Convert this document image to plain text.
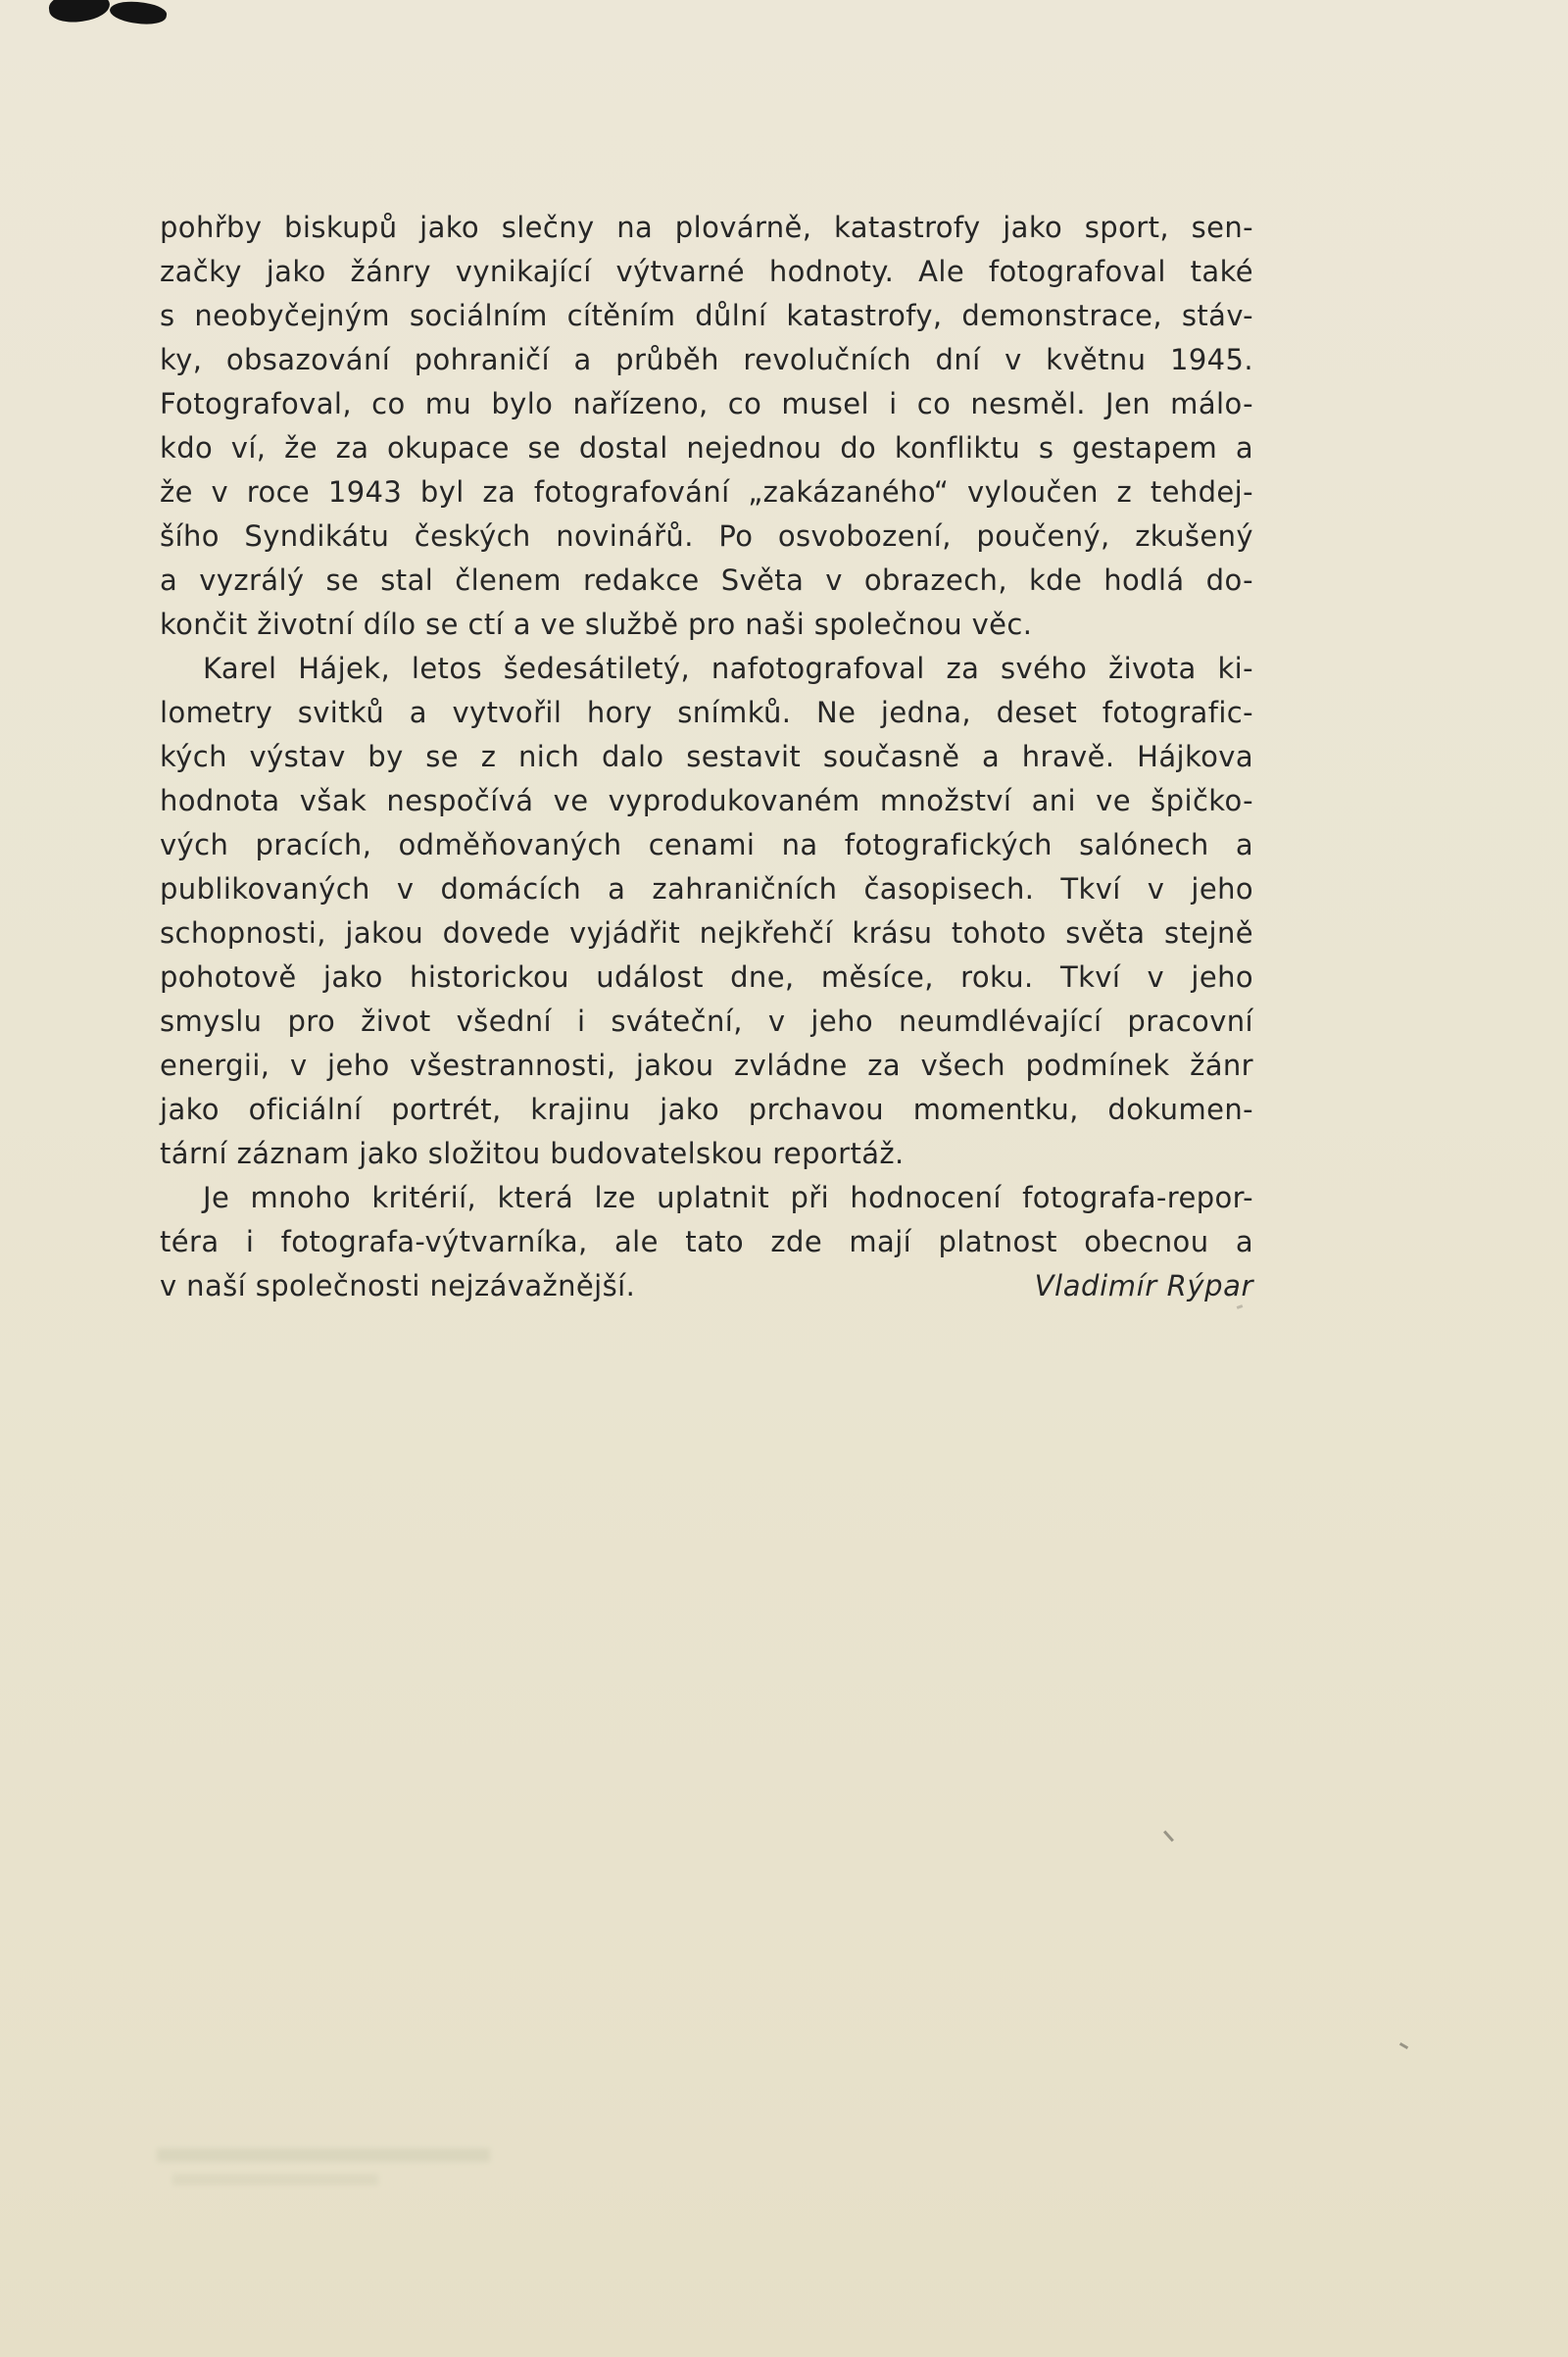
pohřby biskupů jako slečny na plovárně, katastrofy jako sport, sen-

začky jako žánry vynikající výtvarné hodnoty. Ale fotografoval také

s neobyčejným sociálním cítěním důlní katastrofy, demonstrace, stáv-

ky, obsazování pohraničí a průběh revolučních dní v květnu 1945.

Fotografoval, co mu bylo nařízeno, co musel i co nesměl. Jen málo-

kdo ví, že za okupace se dostal nejednou do konfliktu s gestapem a

že v roce 1943 byl za fotografování „zakázaného“ vyloučen z tehdej-

šího Syndikátu českých novinářů. Po osvobození, poučený, zkušený

a vyzrálý se stal členem redakce Světa v obrazech, kde hodlá do-

končit životní dílo se ctí a ve službě pro naši společnou věc.

Karel Hájek, letos šedesátiletý, nafotografoval za svého života ki-

lometry svitků a vytvořil hory snímků. Ne jedna, deset fotografic-

kých výstav by se z nich dalo sestavit současně a hravě. Hájkova

hodnota však nespočívá ve vyprodukovaném množství ani ve špičko-

vých pracích, odměňovaných cenami na fotografických salónech a

publikovaných v domácích a zahraničních časopisech. Tkví v jeho

schopnosti, jakou dovede vyjádřit nejkřehčí krásu tohoto světa stejně

pohotově jako historickou událost dne, měsíce, roku. Tkví v jeho

smyslu pro život všední i sváteční, v jeho neumdlévající pracovní

energii, v jeho všestrannosti, jakou zvládne za všech podmínek žánr

jako oficiální portrét, krajinu jako prchavou momentku, dokumen-

tární záznam jako složitou budovatelskou reportáž.

Je mnoho kritérií, která lze uplatnit při hodnocení fotografa-repor-

téra i fotografa-výtvarníka, ale tato zde mají platnost obecnou a

v naší společnosti nejzávažnější.	Vladimír Rýpar
